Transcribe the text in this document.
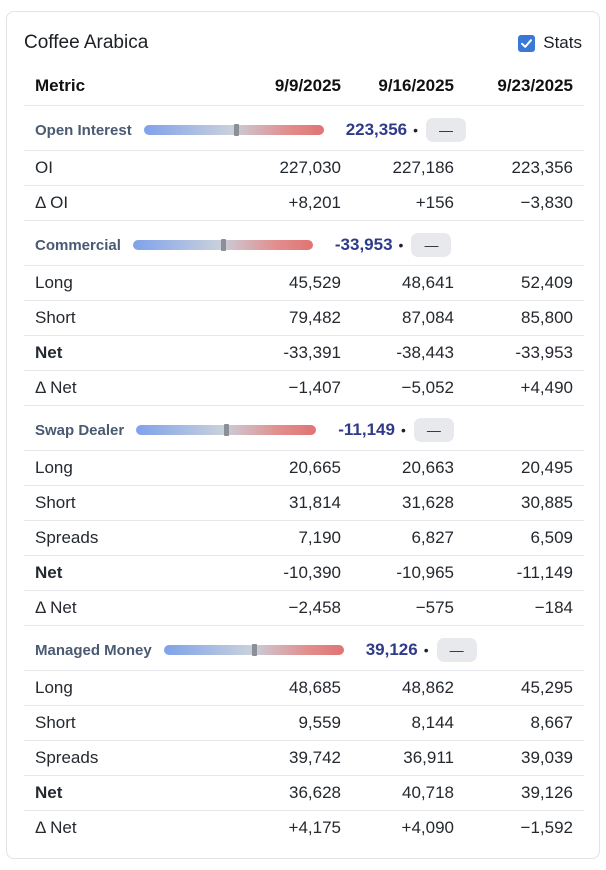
Coffee Arabica	Stats
Metric	9/9/2025	9/16/2025	9/23/2025

Open Interest 223,356 • —			

OI	227,030	227,186	223,356
Δ OI	+8,201	+156	−3,830

Commercial -33,953 • —			

Long	45,529	48,641	52,409
Short	79,482	87,084	85,800
Net	-33,391	-38,443	-33,953
Δ Net	−1,407	−5,052	+4,490

Swap Dealer -11,149 • —			

Long	20,665	20,663	20,495
Short	31,814	31,628	30,885
Spreads	7,190	6,827	6,509
Net	-10,390	-10,965	-11,149
Δ Net	−2,458	−575	−184

Managed Money 39,126 • —			

Long	48,685	48,862	45,295
Short	9,559	8,144	8,667
Spreads	39,742	36,911	39,039
Net	36,628	40,718	39,126
Δ Net	+4,175	+4,090	−1,592
